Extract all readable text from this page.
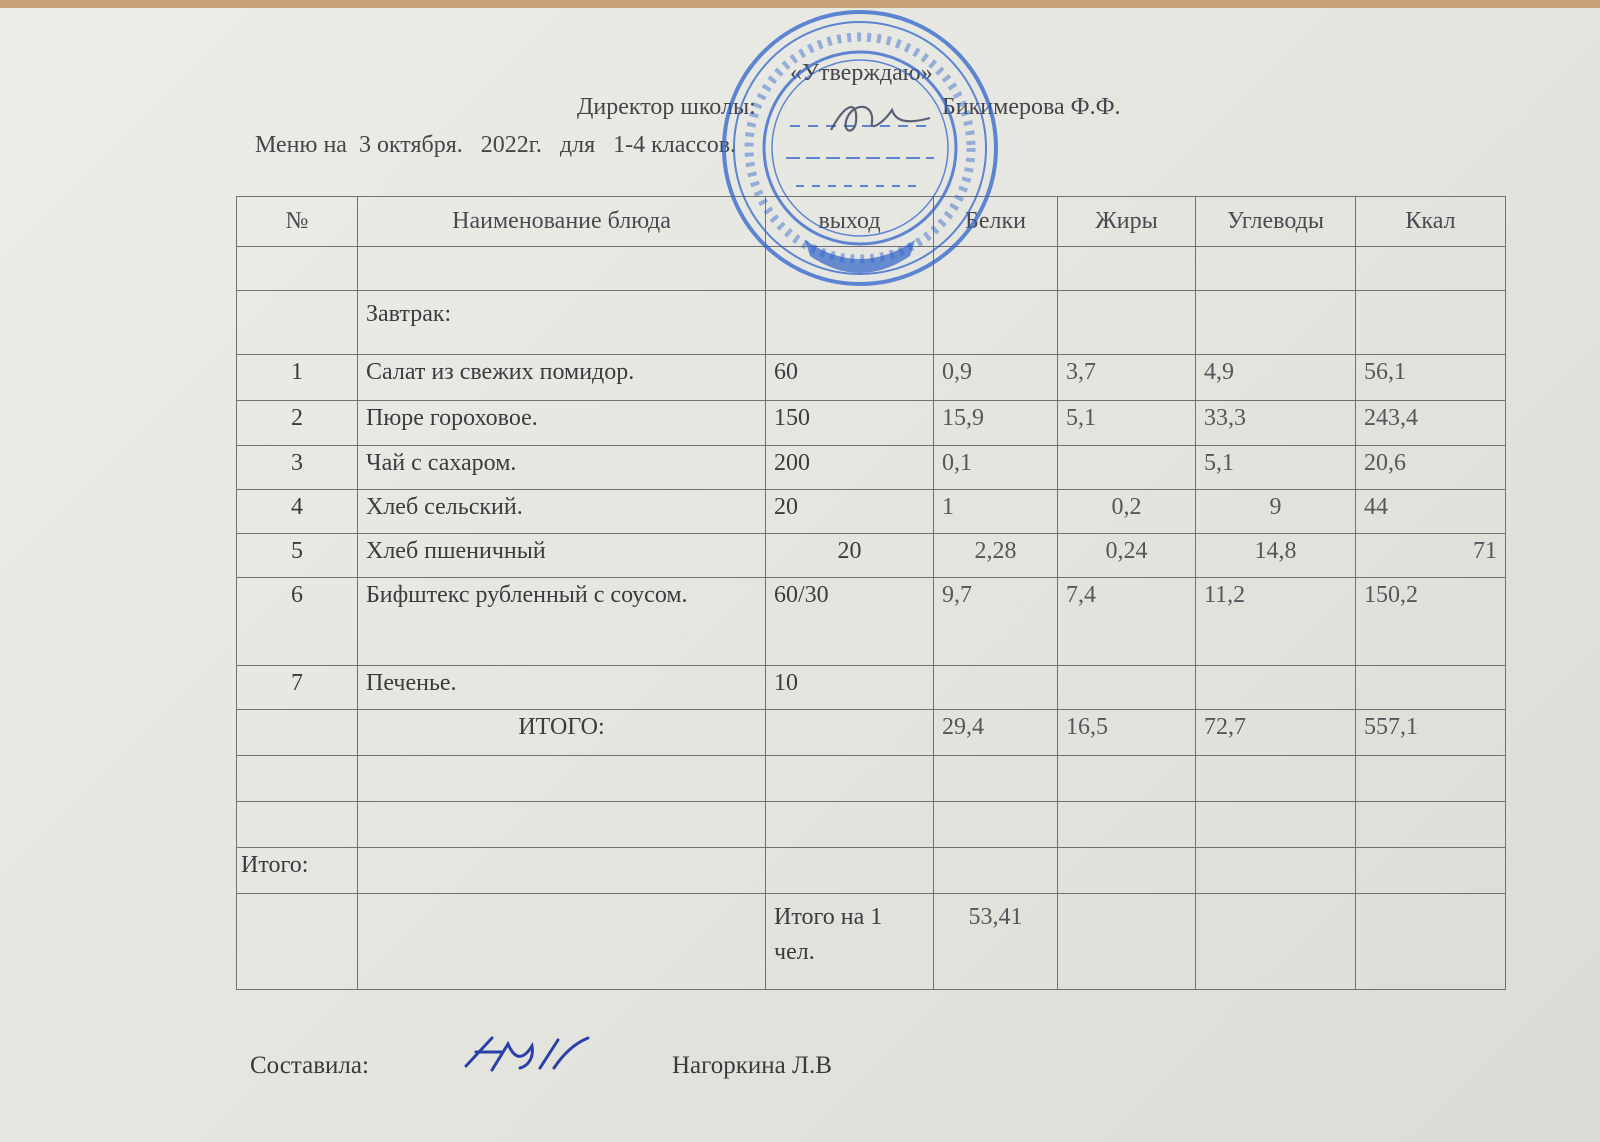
«Утверждаю»
Директор школы:	Бикимерова Ф.Ф.
Меню на  3 октября.   2022г.   для   1-4 классов.
№	Наименование блюда	выход	Белки	Жиры	Углеводы	Ккал

	Завтрак:					
1	Салат из свежих помидор.	60	0,9	3,7	4,9	56,1
2	Пюре гороховое.	150	15,9	5,1	33,3	243,4
3	Чай с сахаром.	200	0,1		5,1	20,6
4	Хлеб сельский.	20	1	0,2	9	44
5	Хлеб пшеничный	20	2,28	0,24	14,8	71
6	Бифштекс рубленный с соусом.	60/30	9,7	7,4	11,2	150,2
7	Печенье.	10				
	ИТОГО:		29,4	16,5	72,7	557,1

Итого:						
		Итого на 1 чел.	53,41			
Составила:	Нагоркина Л.В
